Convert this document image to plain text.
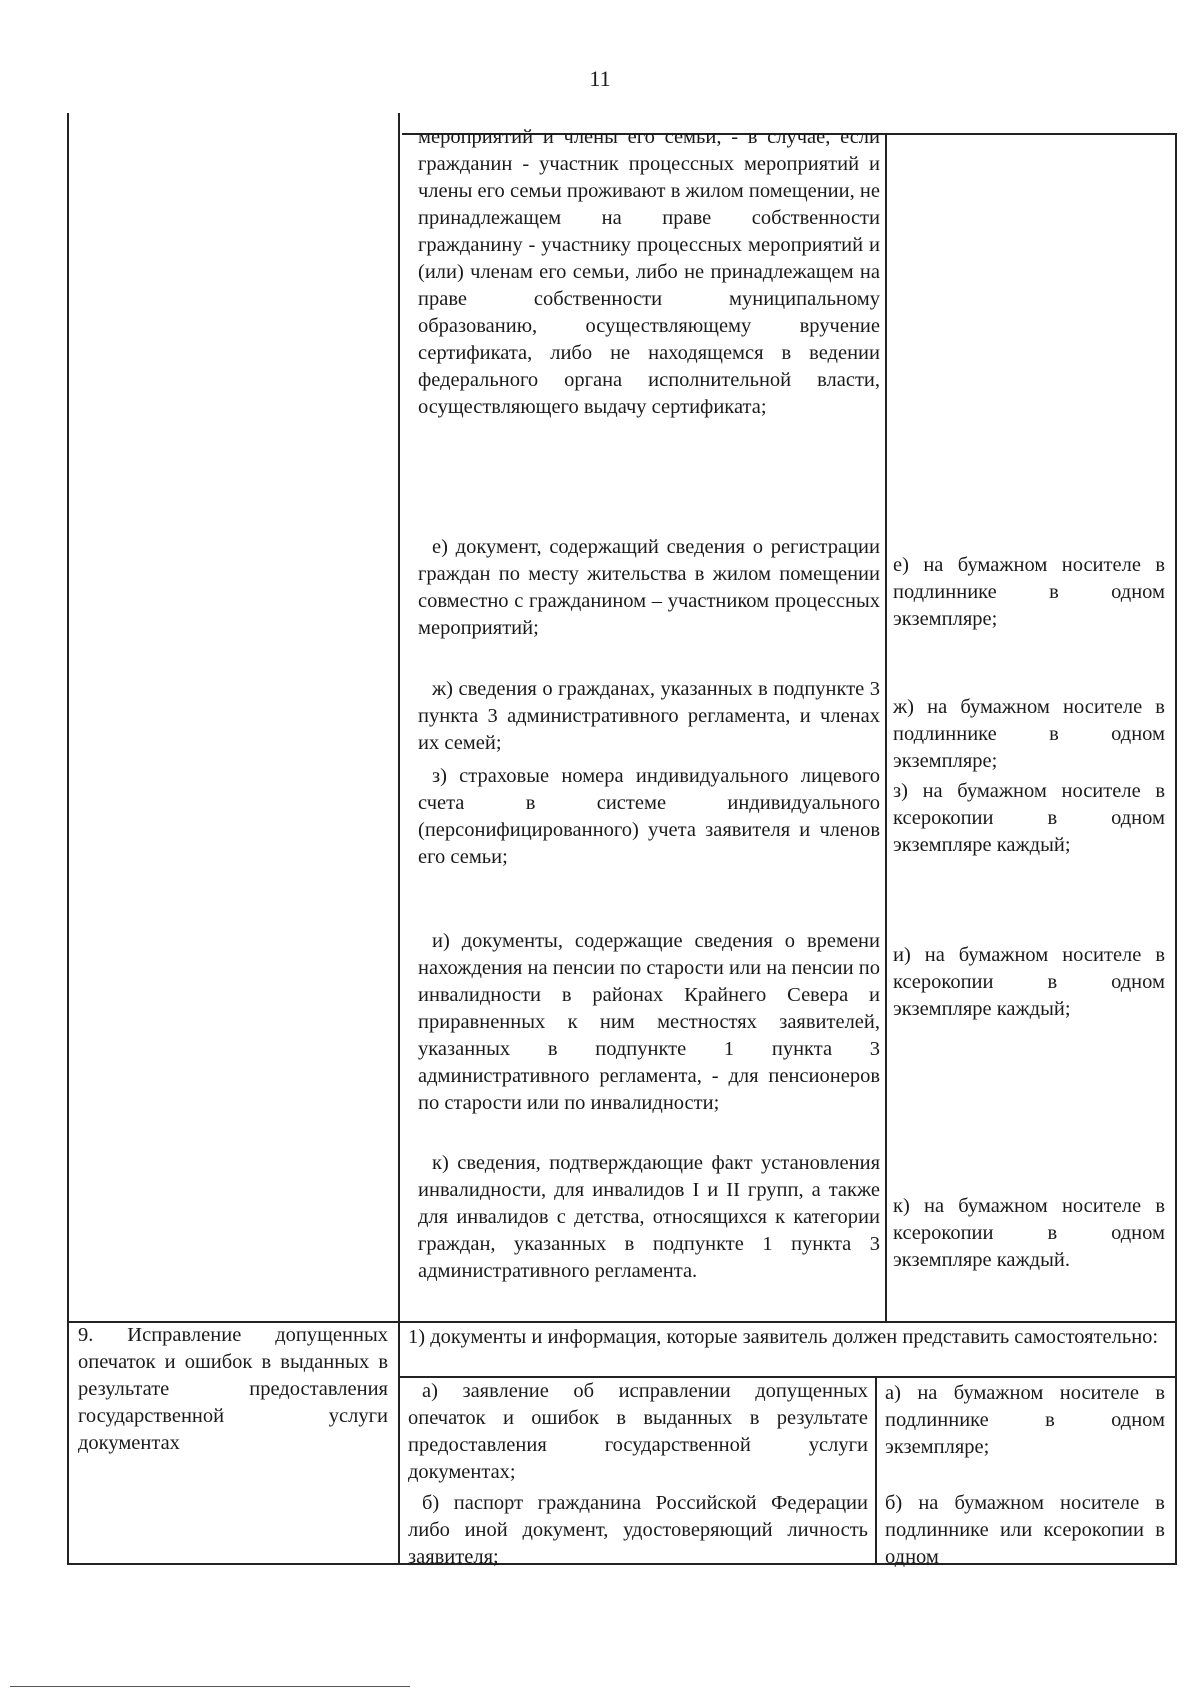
11

мероприятий и члены его семьи, - в случае, если гражданин - участник процессных мероприятий и члены его семьи проживают в жилом помещении, не принадлежащем на праве собственности гражданину - участнику процессных мероприятий и (или) членам его семьи, либо не принадлежащем на праве собственности муниципальному образованию, осуществляющему вручение сертификата, либо не находящемся в ведении федерального органа исполнительной власти, осуществляющего выдачу сертификата;

е) документ, содержащий сведения о регистрации граждан по месту жительства в жилом помещении совместно с гражданином – участником процессных мероприятий;
ж) сведения о гражданах, указанных в подпункте 3 пункта 3 административного регламента, и членах их семей;
з) страховые номера индивидуального лицевого счета в системе индивидуального (персонифицированного) учета заявителя и членов его семьи;
и) документы, содержащие сведения о времени нахождения на пенсии по старости или на пенсии по инвалидности в районах Крайнего Севера и приравненных к ним местностях заявителей, указанных в подпункте 1 пункта 3 административного регламента, - для пенсионеров по старости или по инвалидности;
к) сведения, подтверждающие факт установления инвалидности, для инвалидов I и II групп, а также для инвалидов с детства, относящихся к категории граждан, указанных в подпункте 1 пункта 3 административного регламента.
е) на бумажном носителе в подлиннике в одном экземпляре;
ж) на бумажном носителе в подлиннике в одном экземпляре;
з) на бумажном носителе в ксерокопии в одном экземпляре каждый;
и) на бумажном носителе в ксерокопии в одном экземпляре каждый;
к) на бумажном носителе в ксерокопии в одном экземпляре каждый.
9. Исправление допущенных опечаток и ошибок в выданных в результате предоставления государственной услуги документах
1) документы и информация, которые заявитель должен представить самостоятельно:
а) заявление об исправлении допущенных опечаток и ошибок в выданных в результате предоставления государственной услуги документах;
б) паспорт гражданина Российской Федерации либо иной документ, удостоверяющий личность заявителя;
а) на бумажном носителе в подлиннике в одном экземпляре;
б) на бумажном носителе в подлиннике или ксерокопии в одном
